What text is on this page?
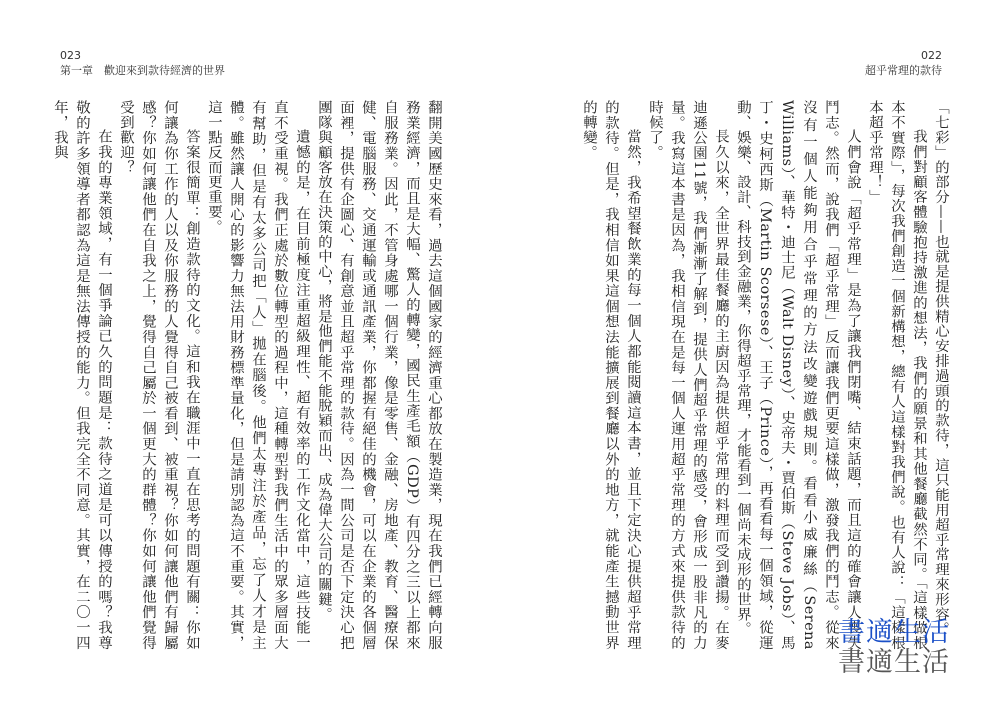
023
第一章　歡迎來到款待經濟的世界

翻開美國歷史來看，過去這個國家的經濟重心都放在製造業，現在我們已經轉向服務業經濟，而且是大幅、驚人的轉變，國民生產毛額（GDP）有四分之三以上都來自服務業。因此，不管身處哪一個行業，像是零售、金融、房地產、教育、醫療保健、電腦服務、交通運輸或通訊產業，你都握有絕佳的機會，可以在企業的各個層面裡，提供有企圖心、有創意並且超乎常理的款待。因為一間公司是否下定決心把團隊與顧客放在決策的中心，將是他們能不能脫穎而出、成為偉大公司的關鍵。

遺憾的是，在目前極度注重超級理性、超有效率的工作文化當中，這些技能一直不受重視。我們正處於數位轉型的過程中，這種轉型對我們生活中的眾多層面大有幫助，但是有太多公司把「人」拋在腦後。他們太專注於產品，忘了人才是主體。雖然讓人開心的影響力無法用財務標準量化，但是請別認為這不重要。其實，這一點反而更重要。

答案很簡單：創造款待的文化。這和我在職涯中一直在思考的問題有關：你如何讓為你工作的人以及你服務的人覺得自己被看到、被重視？你如何讓他們有歸屬感？你如何讓他們在自我之上，覺得自己屬於一個更大的群體？你如何讓他們覺得受到歡迎？

在我的專業領域，有一個爭論已久的問題是：款待之道是可以傳授的嗎？我尊敬的許多領導者都認為這是無法傳授的能力。但我完全不同意。其實，在二〇一四年，我與

022
超乎常理的款待

「七彩」的部分——也就是提供精心安排過頭的款待，這只能用超乎常理來形容。

我們對顧客體驗抱持激進的想法，我們的願景和其他餐廳截然不同。「這樣做根本不實際」，每次我們創造一個新構想，總有人這樣對我們說。也有人說：「這樣根本超乎常理！」

人們會說「超乎常理」是為了讓我們閉嘴、結束話題，而且這的確會讓人喪失鬥志。然而，說我們「超乎常理」反而讓我們更要這樣做，激發我們的鬥志。從來沒有一個人能夠用合乎常理的方法改變遊戲規則。看看小威廉絲（Serena Williams）、華特・迪士尼（Walt Disney）、史帝夫・賈伯斯（Steve Jobs）、馬丁・史柯西斯（Martin Scorsese）、王子（Prince），再看看每一個領域，從運動、娛樂、設計、科技到金融業，你得超乎常理，才能看到一個尚未成形的世界。

長久以來，全世界最佳餐廳的主廚因為提供超乎常理的料理而受到讚揚。在麥迪遜公園11號，我們漸漸了解到，提供人們超乎常理的感受，會形成一股非凡的力量。我寫這本書是因為，我相信現在是每一個人運用超乎常理的方式來提供款待的時候了。

當然，我希望餐飲業的每一個人都能閱讀這本書，並且下定決心提供超乎常理的款待。但是，我相信如果這個想法能擴展到餐廳以外的地方，就能產生撼動世界的轉變。

書適生活
書適生活
